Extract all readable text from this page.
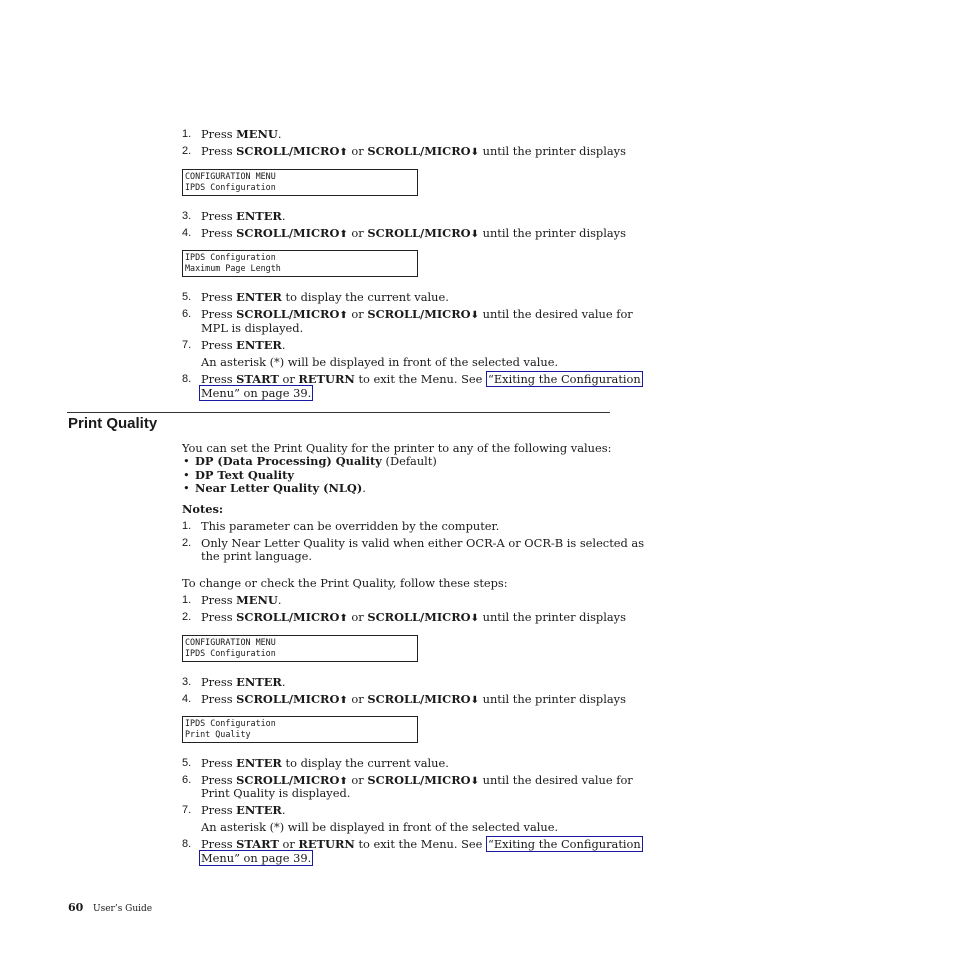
1. Press MENU.
2. Press SCROLL/MICRO⬆ or SCROLL/MICRO⬇ until the printer displays
CONFIGURATION MENU
IPDS Configuration
3. Press ENTER.
4. Press SCROLL/MICRO⬆ or SCROLL/MICRO⬇ until the printer displays
IPDS Configuration
Maximum Page Length
5. Press ENTER to display the current value.
6. Press SCROLL/MICRO⬆ or SCROLL/MICRO⬇ until the desired value for
MPL is displayed.
7. Press ENTER.
An asterisk (*) will be displayed in front of the selected value.
8. Press START or RETURN to exit the Menu. See “Exiting the Configuration
Menu” on page 39.
Print Quality
You can set the Print Quality for the printer to any of the following values:
• DP (Data Processing) Quality (Default)
• DP Text Quality
• Near Letter Quality (NLQ).
Notes:
1. This parameter can be overridden by the computer.
2. Only Near Letter Quality is valid when either OCR-A or OCR-B is selected as
the print language.
To change or check the Print Quality, follow these steps:
1. Press MENU.
2. Press SCROLL/MICRO⬆ or SCROLL/MICRO⬇ until the printer displays
CONFIGURATION MENU
IPDS Configuration
3. Press ENTER.
4. Press SCROLL/MICRO⬆ or SCROLL/MICRO⬇ until the printer displays
IPDS Configuration
Print Quality
5. Press ENTER to display the current value.
6. Press SCROLL/MICRO⬆ or SCROLL/MICRO⬇ until the desired value for
Print Quality is displayed.
7. Press ENTER.
An asterisk (*) will be displayed in front of the selected value.
8. Press START or RETURN to exit the Menu. See “Exiting the Configuration
Menu” on page 39.
60 User’s Guide
